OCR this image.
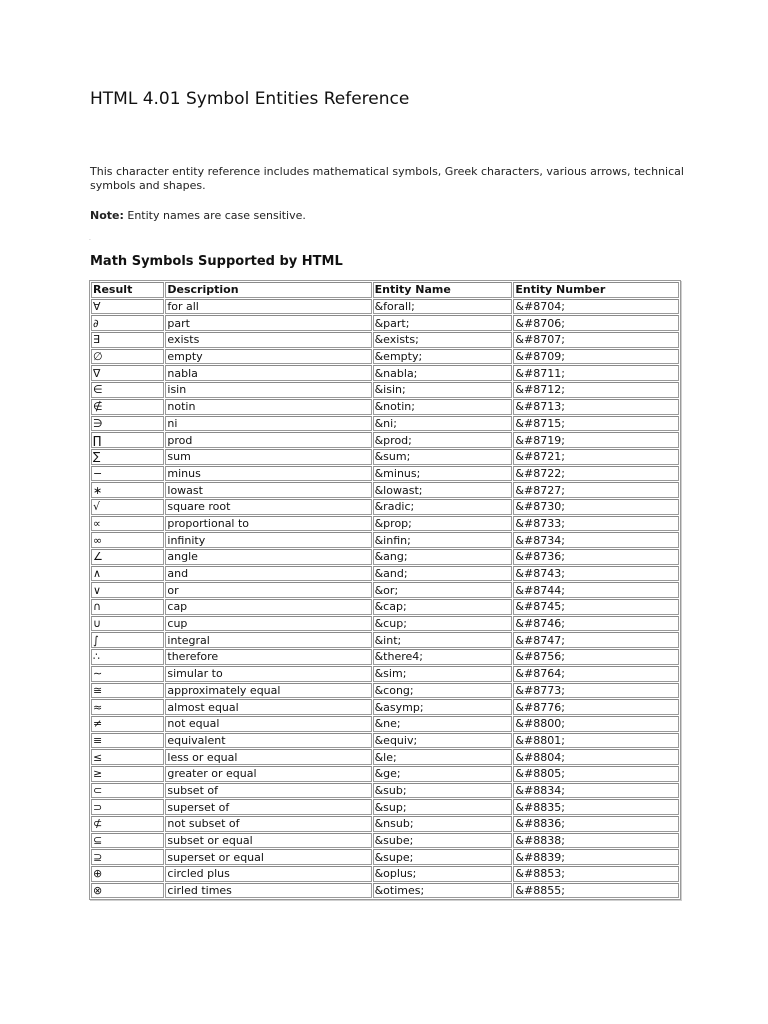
HTML 4.01 Symbol Entities Reference

This character entity reference includes mathematical symbols, Greek characters, various arrows, technical symbols and shapes.

Note: Entity names are case sensitive.

.
Math Symbols Supported by HTML
Result	Description	Entity Name	Entity Number
∀	for all	&forall;	&#8704;
∂	part	&part;	&#8706;
∃	exists	&exists;	&#8707;
∅	empty	&empty;	&#8709;
∇	nabla	&nabla;	&#8711;
∈	isin	&isin;	&#8712;
∉	notin	&notin;	&#8713;
∋	ni	&ni;	&#8715;
∏	prod	&prod;	&#8719;
∑	sum	&sum;	&#8721;
−	minus	&minus;	&#8722;
∗	lowast	&lowast;	&#8727;
√	square root	&radic;	&#8730;
∝	proportional to	&prop;	&#8733;
∞	infinity	&infin;	&#8734;
∠	angle	&ang;	&#8736;
∧	and	&and;	&#8743;
∨	or	&or;	&#8744;
∩	cap	&cap;	&#8745;
∪	cup	&cup;	&#8746;
∫	integral	&int;	&#8747;
∴	therefore	&there4;	&#8756;
∼	simular to	&sim;	&#8764;
≅	approximately equal	&cong;	&#8773;
≈	almost equal	&asymp;	&#8776;
≠	not equal	&ne;	&#8800;
≡	equivalent	&equiv;	&#8801;
≤	less or equal	&le;	&#8804;
≥	greater or equal	&ge;	&#8805;
⊂	subset of	&sub;	&#8834;
⊃	superset of	&sup;	&#8835;
⊄	not subset of	&nsub;	&#8836;
⊆	subset or equal	&sube;	&#8838;
⊇	superset or equal	&supe;	&#8839;
⊕	circled plus	&oplus;	&#8853;
⊗	cirled times	&otimes;	&#8855;
